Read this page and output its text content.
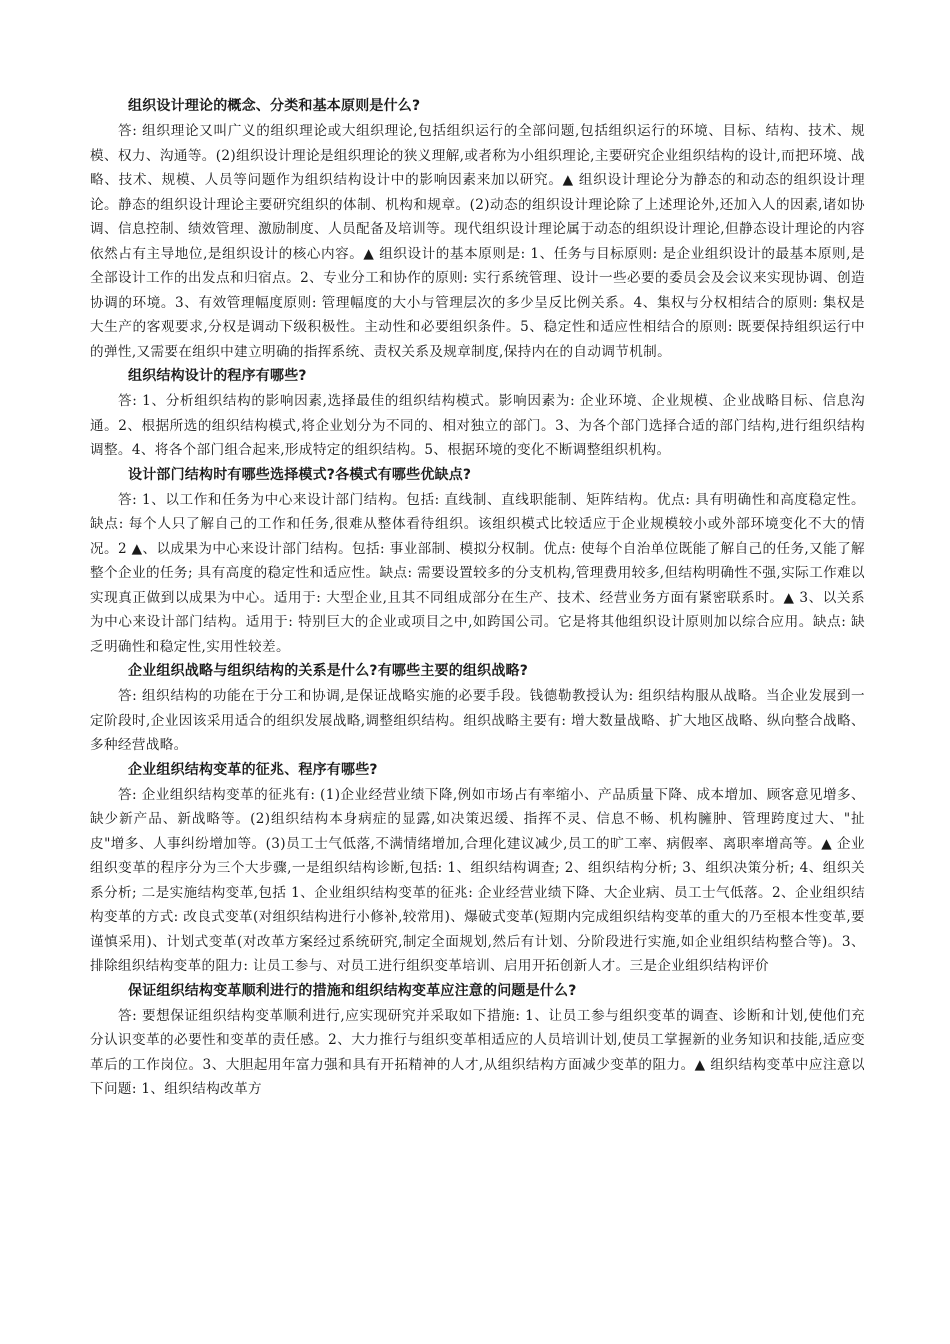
组织设计理论的概念、分类和基本原则是什么?

答: 组织理论又叫广义的组织理论或大组织理论,包括组织运行的全部问题,包括组织运行的环境、目标、结构、技术、规模、权力、沟通等。(2)组织设计理论是组织理论的狭义理解,或者称为小组织理论,主要研究企业组织结构的设计,而把环境、战略、技术、规模、人员等问题作为组织结构设计中的影响因素来加以研究。▲ 组织设计理论分为静态的和动态的组织设计理论。静态的组织设计理论主要研究组织的体制、机构和规章。(2)动态的组织设计理论除了上述理论外,还加入人的因素,诸如协调、信息控制、绩效管理、激励制度、人员配备及培训等。现代组织设计理论属于动态的组织设计理论,但静态设计理论的内容依然占有主导地位,是组织设计的核心内容。▲ 组织设计的基本原则是: 1、任务与目标原则: 是企业组织设计的最基本原则,是全部设计工作的出发点和归宿点。2、专业分工和协作的原则: 实行系统管理、设计一些必要的委员会及会议来实现协调、创造协调的环境。3、有效管理幅度原则: 管理幅度的大小与管理层次的多少呈反比例关系。4、集权与分权相结合的原则: 集权是大生产的客观要求,分权是调动下级积极性。主动性和必要组织条件。5、稳定性和适应性相结合的原则: 既要保持组织运行中的弹性,又需要在组织中建立明确的指挥系统、责权关系及规章制度,保持内在的自动调节机制。

组织结构设计的程序有哪些?

答: 1、分析组织结构的影响因素,选择最佳的组织结构模式。影响因素为: 企业环境、企业规模、企业战略目标、信息沟通。2、根据所选的组织结构模式,将企业划分为不同的、相对独立的部门。3、为各个部门选择合适的部门结构,进行组织结构调整。4、将各个部门组合起来,形成特定的组织结构。5、根据环境的变化不断调整组织机构。

设计部门结构时有哪些选择模式?各模式有哪些优缺点?

答: 1、以工作和任务为中心来设计部门结构。包括: 直线制、直线职能制、矩阵结构。优点: 具有明确性和高度稳定性。缺点: 每个人只了解自己的工作和任务,很难从整体看待组织。该组织模式比较适应于企业规模较小或外部环境变化不大的情况。2 ▲、以成果为中心来设计部门结构。包括: 事业部制、模拟分权制。优点: 使每个自治单位既能了解自己的任务,又能了解整个企业的任务; 具有高度的稳定性和适应性。缺点: 需要设置较多的分支机构,管理费用较多,但结构明确性不强,实际工作难以实现真正做到以成果为中心。适用于: 大型企业,且其不同组成部分在生产、技术、经营业务方面有紧密联系时。▲ 3、以关系为中心来设计部门结构。适用于: 特别巨大的企业或项目之中,如跨国公司。它是将其他组织设计原则加以综合应用。缺点: 缺乏明确性和稳定性,实用性较差。

企业组织战略与组织结构的关系是什么?有哪些主要的组织战略?

答: 组织结构的功能在于分工和协调,是保证战略实施的必要手段。钱德勒教授认为: 组织结构服从战略。当企业发展到一定阶段时,企业因该采用适合的组织发展战略,调整组织结构。组织战略主要有: 增大数量战略、扩大地区战略、纵向整合战略、多种经营战略。

企业组织结构变革的征兆、程序有哪些?

答: 企业组织结构变革的征兆有: (1)企业经营业绩下降,例如市场占有率缩小、产品质量下降、成本增加、顾客意见增多、缺少新产品、新战略等。(2)组织结构本身病症的显露,如决策迟缓、指挥不灵、信息不畅、机构臃肿、管理跨度过大、"扯皮"增多、人事纠纷增加等。(3)员工士气低落,不满情绪增加,合理化建议减少,员工的旷工率、病假率、离职率增高等。▲ 企业组织变革的程序分为三个大步骤,一是组织结构诊断,包括: 1、组织结构调查; 2、组织结构分析; 3、组织决策分析; 4、组织关系分析; 二是实施结构变革,包括 1、企业组织结构变革的征兆: 企业经营业绩下降、大企业病、员工士气低落。2、企业组织结构变革的方式: 改良式变革(对组织结构进行小修补,较常用)、爆破式变革(短期内完成组织结构变革的重大的乃至根本性变革,要谨慎采用)、计划式变革(对改革方案经过系统研究,制定全面规划,然后有计划、分阶段进行实施,如企业组织结构整合等)。3、排除组织结构变革的阻力: 让员工参与、对员工进行组织变革培训、启用开拓创新人才。三是企业组织结构评价

保证组织结构变革顺利进行的措施和组织结构变革应注意的问题是什么?

答: 要想保证组织结构变革顺利进行,应实现研究并采取如下措施: 1、让员工参与组织变革的调查、诊断和计划,使他们充分认识变革的必要性和变革的责任感。2、大力推行与组织变革相适应的人员培训计划,使员工掌握新的业务知识和技能,适应变革后的工作岗位。3、大胆起用年富力强和具有开拓精神的人才,从组织结构方面减少变革的阻力。▲ 组织结构变革中应注意以下问题: 1、组织结构改革方
